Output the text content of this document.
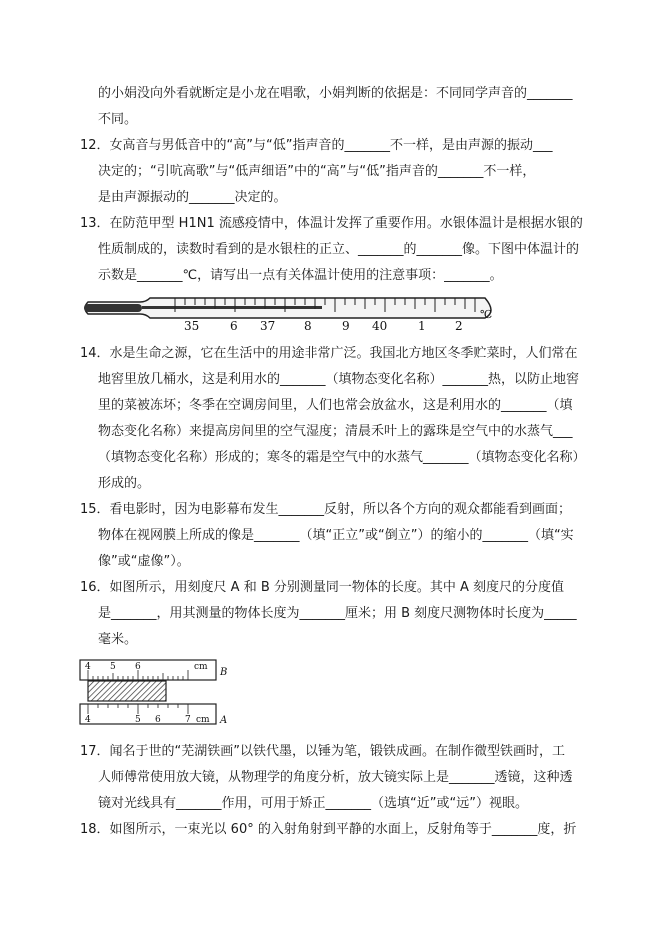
的小娟没向外看就断定是小龙在唱歌，小娟判断的依据是：不同同学声音的_______
不同。
12．女高音与男低音中的“高”与“低”指声音的_______不一样，是由声源的振动___
决定的；“引吭高歌”与“低声细语”中的“高”与“低”指声音的_______不一样，
是由声源振动的_______决定的。
13．在防范甲型 H1N1 流感疫情中，体温计发挥了重要作用。水银体温计是根据水银的
性质制成的，读数时看到的是水银柱的正立、_______的_______像。下图中体温计的
示数是_______℃，请写出一点有关体温计使用的注意事项：_______。
35	6 37 8	9 40	1 2
℃
14．水是生命之源，它在生活中的用途非常广泛。我国北方地区冬季贮菜时，人们常在
地窖里放几桶水，这是利用水的_______（填物态变化名称）_______热，以防止地窖
里的菜被冻坏；冬季在空调房间里，人们也常会放盆水，这是利用水的_______（填
物态变化名称）来提高房间里的空气湿度；清晨禾叶上的露珠是空气中的水蒸气___
（填物态变化名称）形成的；寒冬的霜是空气中的水蒸气_______（填物态变化名称）
形成的。
15．看电影时，因为电影幕布发生_______反射，所以各个方向的观众都能看到画面；
物体在视网膜上所成的像是_______（填“正立”或“倒立”）的缩小的_______（填“实
像”或“虚像”）。
16．如图所示，用刻度尺 A 和 B 分别测量同一物体的长度。其中 A 刻度尺的分度值
是_______，用其测量的物体长度为_______厘米；用 B 刻度尺测物体时长度为_____
毫米。
4 5 6	cm
4	5 6	7 cm
B
A
17．闻名于世的“芜湖铁画”以铁代墨，以锤为笔，锻铁成画。在制作微型铁画时，工
人师傅常使用放大镜，从物理学的角度分析，放大镜实际上是_______透镜，这种透
镜对光线具有_______作用，可用于矫正_______（选填“近”或“远”）视眼。
18．如图所示，一束光以 60° 的入射角射到平静的水面上，反射角等于_______度，折
